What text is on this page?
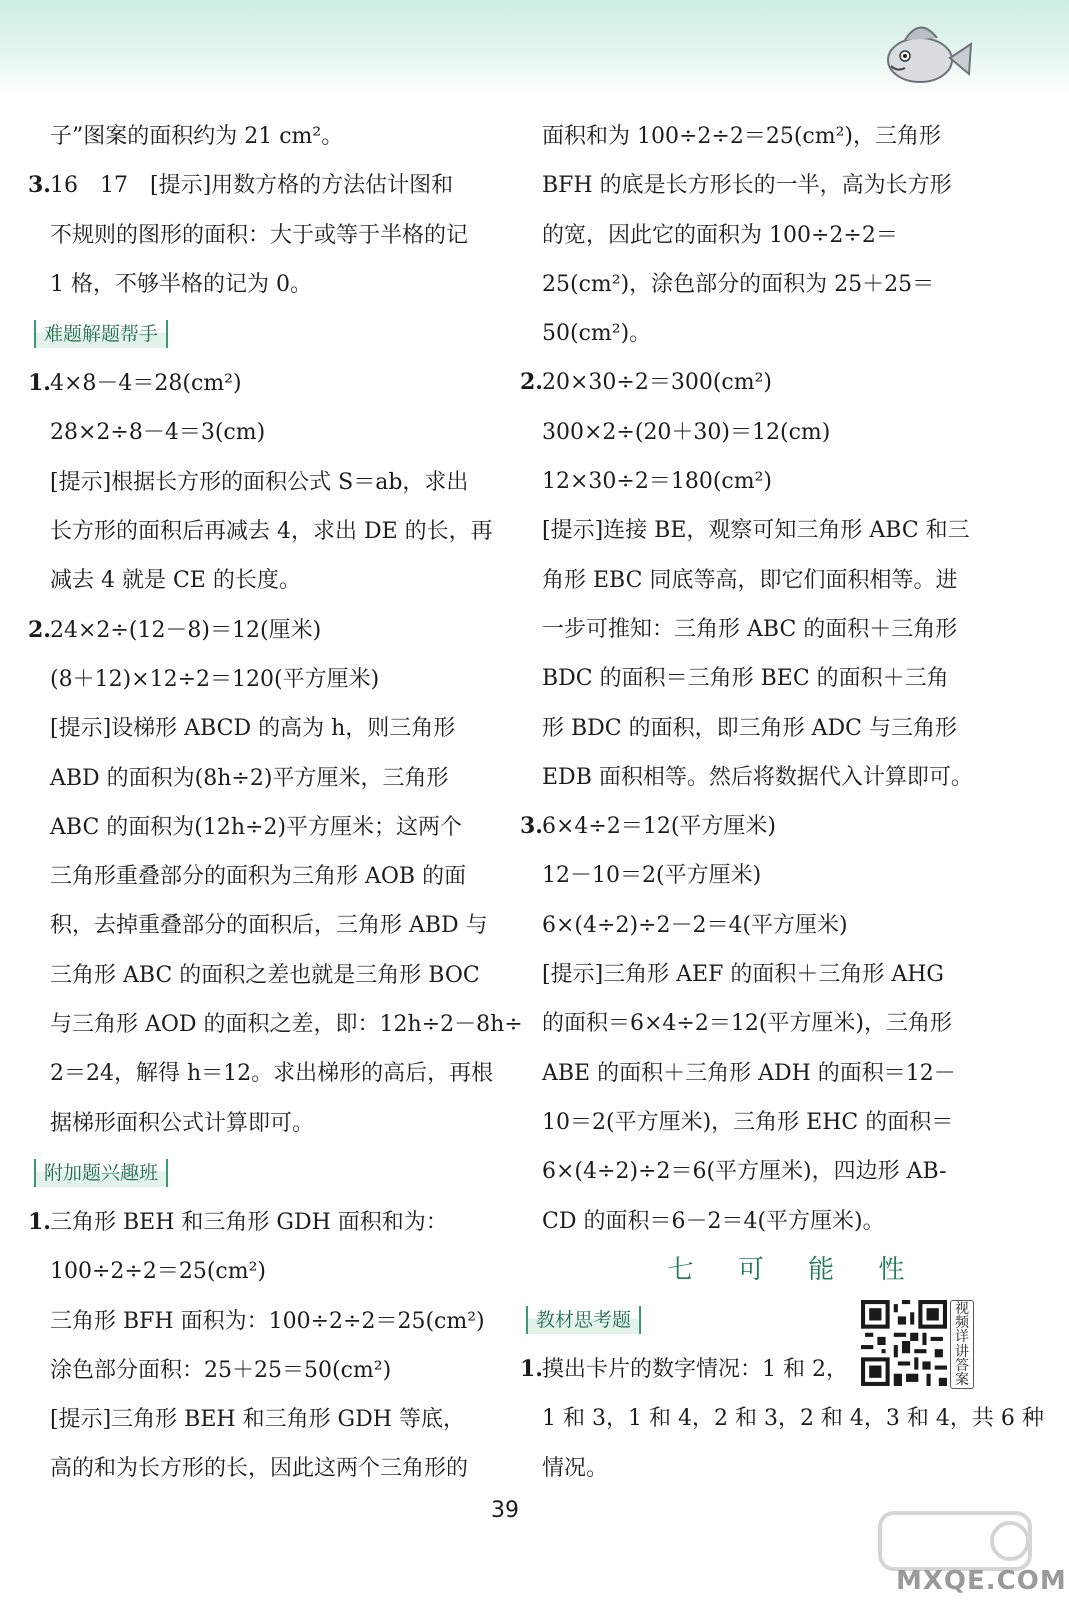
子”图案的面积约为 21 cm²。
3. 16　17　[提示]用数方格的方法估计图和
不规则的图形的面积：大于或等于半格的记
1 格，不够半格的记为 0。
难题解题帮手
1. 4×8－4＝28(cm²)
28×2÷8－4＝3(cm)
[提示]根据长方形的面积公式 S＝ab，求出
长方形的面积后再减去 4，求出 DE 的长，再
减去 4 就是 CE 的长度。
2. 24×2÷(12－8)＝12(厘米)
(8＋12)×12÷2＝120(平方厘米)
[提示]设梯形 ABCD 的高为 h，则三角形
ABD 的面积为(8h÷2)平方厘米，三角形
ABC 的面积为(12h÷2)平方厘米；这两个
三角形重叠部分的面积为三角形 AOB 的面
积，去掉重叠部分的面积后，三角形 ABD 与
三角形 ABC 的面积之差也就是三角形 BOC
与三角形 AOD 的面积之差，即：12h÷2－8h÷
2＝24，解得 h＝12。求出梯形的高后，再根
据梯形面积公式计算即可。
附加题兴趣班
1. 三角形 BEH 和三角形 GDH 面积和为：
100÷2÷2＝25(cm²)
三角形 BFH 面积为：100÷2÷2＝25(cm²)
涂色部分面积：25＋25＝50(cm²)
[提示]三角形 BEH 和三角形 GDH 等底，
高的和为长方形的长，因此这两个三角形的
面积和为 100÷2÷2＝25(cm²)，三角形
BFH 的底是长方形长的一半，高为长方形
的宽，因此它的面积为 100÷2÷2＝
25(cm²)，涂色部分的面积为 25＋25＝
50(cm²)。
2. 20×30÷2＝300(cm²)
300×2÷(20＋30)＝12(cm)
12×30÷2＝180(cm²)
[提示]连接 BE，观察可知三角形 ABC 和三
角形 EBC 同底等高，即它们面积相等。进
一步可推知：三角形 ABC 的面积＋三角形
BDC 的面积＝三角形 BEC 的面积＋三角
形 BDC 的面积，即三角形 ADC 与三角形
EDB 面积相等。然后将数据代入计算即可。
3. 6×4÷2＝12(平方厘米)
12－10＝2(平方厘米)
6×(4÷2)÷2－2＝4(平方厘米)
[提示]三角形 AEF 的面积＋三角形 AHG
的面积＝6×4÷2＝12(平方厘米)，三角形
ABE 的面积＋三角形 ADH 的面积＝12－
10＝2(平方厘米)，三角形 EHC 的面积＝
6×(4÷2)÷2＝6(平方厘米)，四边形 AB-
CD 的面积＝6－2＝4(平方厘米)。
七 可 能 性
教材思考题
1. 摸出卡片的数字情况：1 和 2，
1 和 3，1 和 4，2 和 3，2 和 4，3 和 4，共 6 种
情况。
视频详讲答案
39
MXQE.COM
